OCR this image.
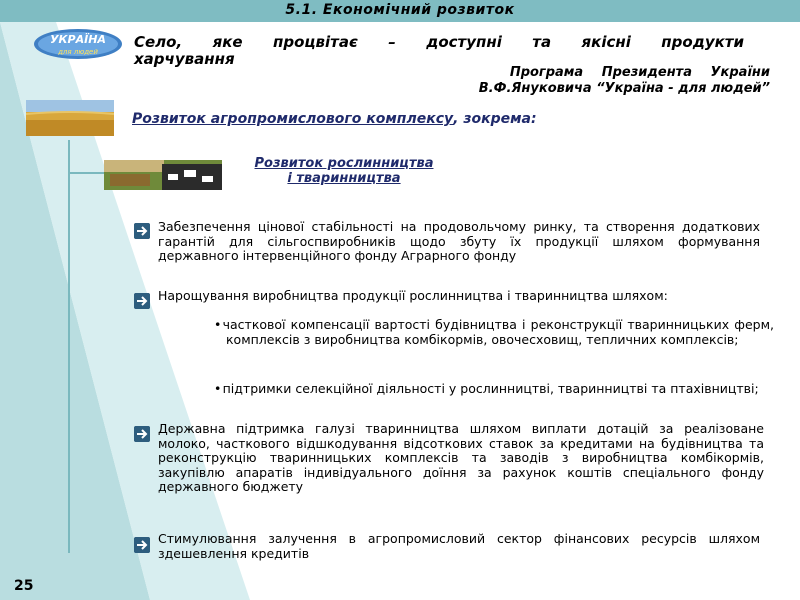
5.1. Економічний розвиток
УКРАЇНА
для людей
Село, яке процвітає – доступні та якісні продукти харчування
Програма Президента України
В.Ф.Януковича “Україна - для людей”
Розвиток агропромислового комплексу, зокрема:
Розвиток рослинництва
і тваринництва
Забезпечення цінової стабільності на продовольчому ринку, та створення додаткових гарантій для сільгоспвиробників щодо збуту їх продукції шляхом формування державного інтервенційного фонду Аграрного фонду
Нарощування виробництва продукції рослинництва і тваринництва шляхом:
• часткової компенсації вартості будівництва і реконструкції тваринницьких ферм, комплексів з виробництва комбікормів, овочесховищ, тепличних комплексів;
• підтримки селекційної діяльності у рослинництві, тваринництві та птахівництві;
Державна підтримка галузі тваринництва шляхом виплати дотацій за реалізоване молоко, часткового відшкодування відсоткових ставок за кредитами на будівництва та реконструкцію тваринницьких комплексів та заводів з виробництва комбікормів, закупівлю апаратів індивідуального доїння за рахунок коштів спеціального фонду державного бюджету
Стимулювання залучення в агропромисловий сектор фінансових ресурсів шляхом здешевлення кредитів
25
